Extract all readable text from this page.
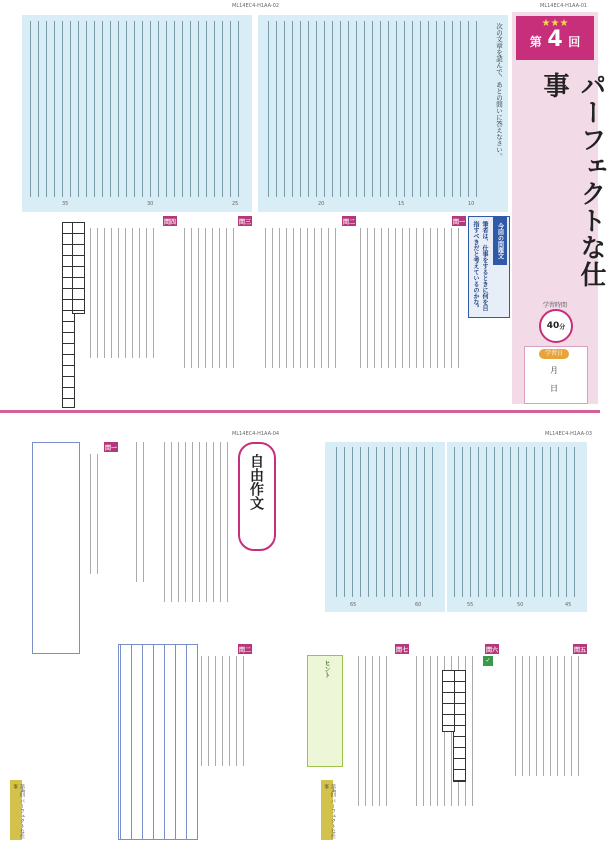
ML14EC4-H1AA-02	ML14EC4-H1AA-01
35	30	25
次の文章を読んで、あとの問いに答えなさい。
20	15	10
★★★
第 4 回
パーフェクトな仕事
学習時間
40 分
学習日
月
日
今回の問題文
筆者は、仕事をするときに何を目指すべきだと考えているのかな。
問一
問二
問三
問四
ML14EC4-H1AA-04
自由作文
問一
問二
第4回 パーフェクトな仕事
ML14EC4-H1AA-03
65	60	55	50	45
問五
問六
✓
問七
ヒント
第4回 パーフェクトな仕事
